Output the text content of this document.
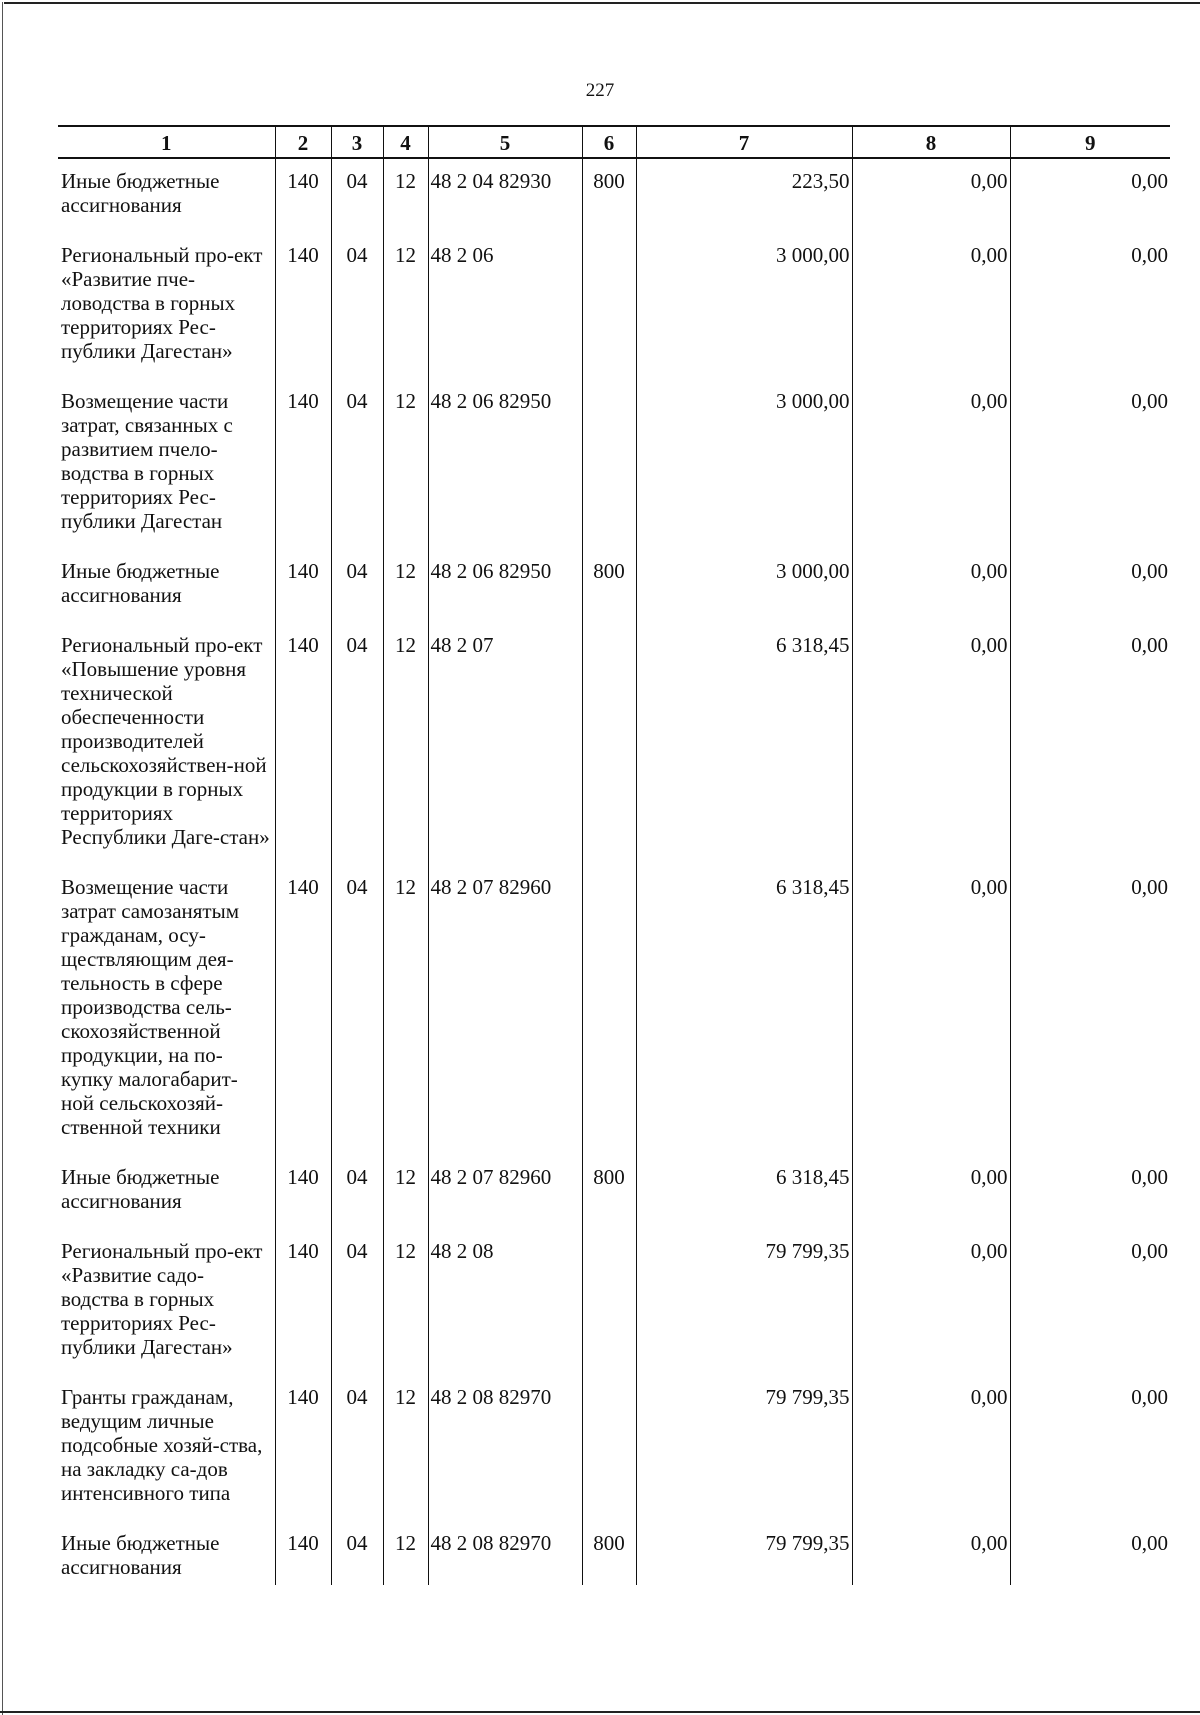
227
1	2	3	4	5	6	7	8	9
Иные бюджетные ассигнования	140	04	12	48 2 04 82930	800	223,50	0,00	0,00
Региональный про-ект «Развитие пче-ловодства в горных территориях Рес-публики Дагестан»	140	04	12	48 2 06		3 000,00	0,00	0,00
Возмещение части затрат, связанных с развитием пчело-водства в горных территориях Рес-публики Дагестан	140	04	12	48 2 06 82950		3 000,00	0,00	0,00
Иные бюджетные ассигнования	140	04	12	48 2 06 82950	800	3 000,00	0,00	0,00
Региональный про-ект «Повышение уровня технической обеспеченности производителей сельскохозяйствен-ной продукции в горных территориях Республики Даге-стан»	140	04	12	48 2 07		6 318,45	0,00	0,00
Возмещение части затрат самозанятым гражданам, осу-ществляющим дея-тельность в сфере производства сель-скохозяйственной продукции, на по-купку малогабарит-ной сельскохозяй-ственной техники	140	04	12	48 2 07 82960		6 318,45	0,00	0,00
Иные бюджетные ассигнования	140	04	12	48 2 07 82960	800	6 318,45	0,00	0,00
Региональный про-ект «Развитие садо-водства в горных территориях Рес-публики Дагестан»	140	04	12	48 2 08		79 799,35	0,00	0,00
Гранты гражданам, ведущим личные подсобные хозяй-ства, на закладку са-дов интенсивного типа	140	04	12	48 2 08 82970		79 799,35	0,00	0,00
Иные бюджетные ассигнования	140	04	12	48 2 08 82970	800	79 799,35	0,00	0,00
